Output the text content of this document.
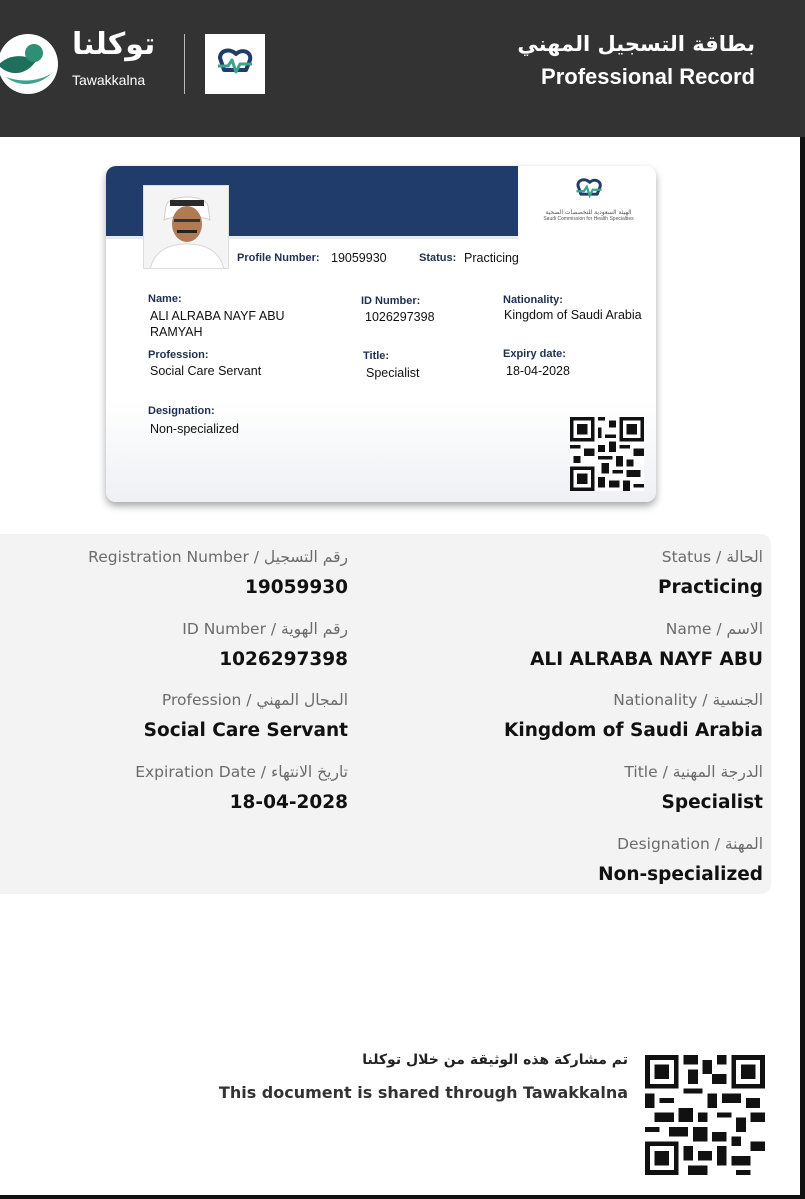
توكلنا
Tawakkalna
بطاقة التسجيل المهني
Professional Record
الهيئة السعودية للتخصصات الصحية
Saudi Commission for Health Specialties
Profile Number: 19059930	Status: Practicing
Name:
ALI ALRABA NAYF ABU
RAMYAH
ID Number:
1026297398
Nationality:
Kingdom of Saudi Arabia
Profession:
Social Care Servant
Title:
Specialist
Expiry date:
18-04-2028
Designation:
Non-specialized
Registration Number / رقم التسجيل
19059930
ID Number / رقم الهوية
1026297398
Profession / المجال المهني
Social Care Servant
Expiration Date / تاريخ الانتهاء
18-04-2028
Status / الحالة
Practicing
Name / الاسم
ALI ALRABA NAYF ABU
Nationality / الجنسية
Kingdom of Saudi Arabia
Title / الدرجة المهنية
Specialist
Designation / المهنة
Non-specialized
تم مشاركة هذه الوثيقة من خلال توكلنا
This document is shared through Tawakkalna
